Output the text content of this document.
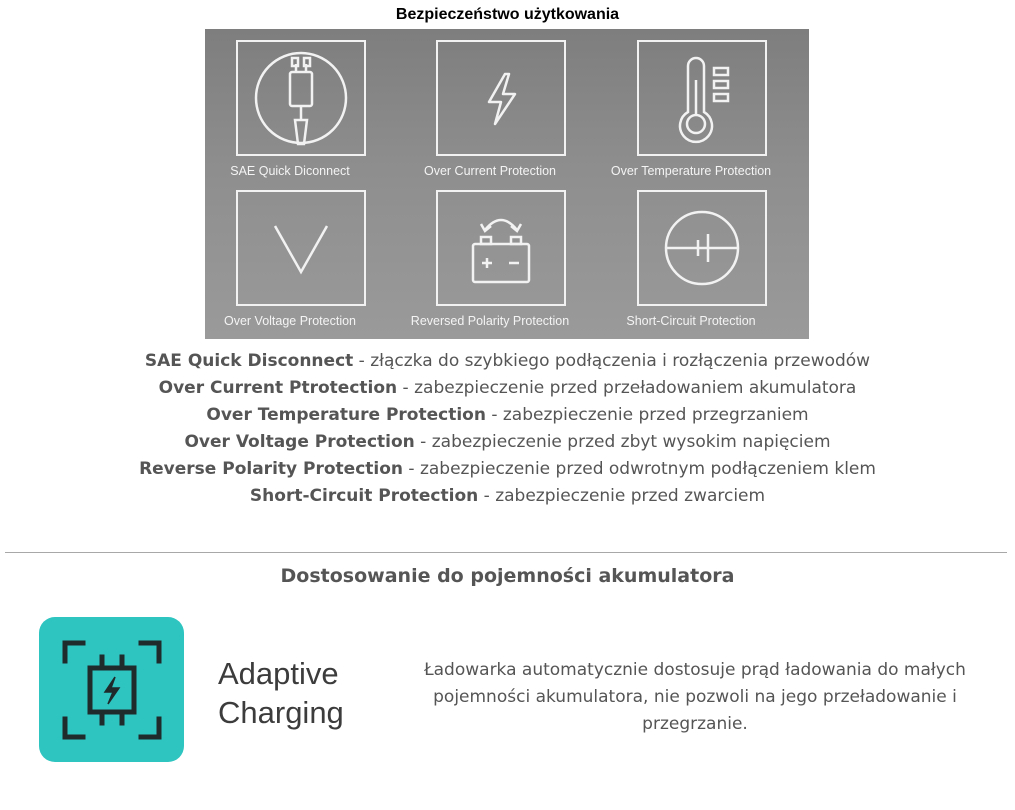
Bezpieczeństwo użytkowania
SAE Quick Diconnect	Over Current Protection	Over Temperature Protection
Over Voltage Protection	Reversed Polarity Protection	Short-Circuit Protection
SAE Quick Disconnect - złączka do szybkiego podłączenia i rozłączenia przewodów
Over Current Ptrotection - zabezpieczenie przed przeładowaniem akumulatora
Over Temperature Protection - zabezpieczenie przed przegrzaniem
Over Voltage Protection - zabezpieczenie przed zbyt wysokim napięciem
Reverse Polarity Protection - zabezpieczenie przed odwrotnym podłączeniem klem
Short-Circuit Protection - zabezpieczenie przed zwarciem
Dostosowanie do pojemności akumulatora
Adaptive
Charging
Ładowarka automatycznie dostosuje prąd ładowania do małych pojemności akumulatora, nie pozwoli na jego przeładowanie i przegrzanie.
